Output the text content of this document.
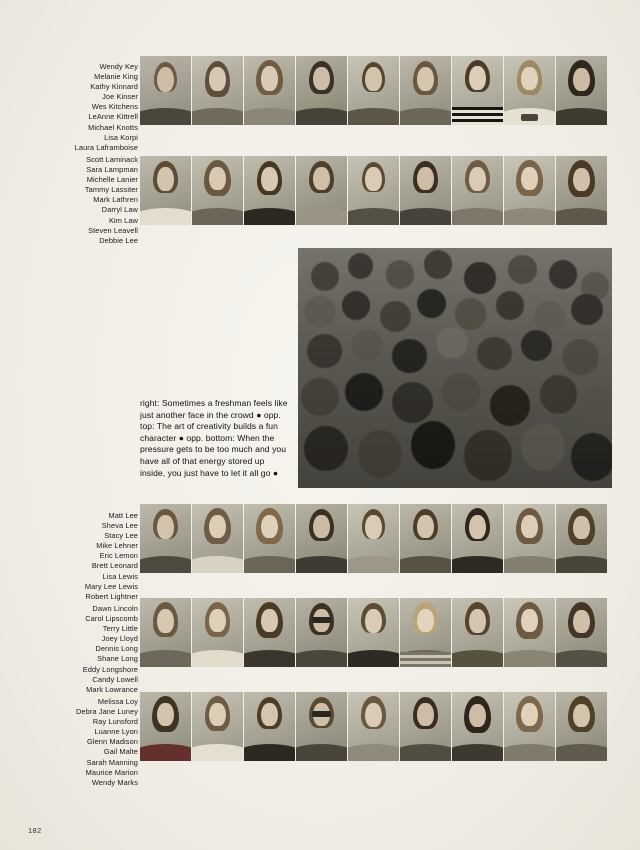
Wendy Key
Melanie King
Kathy Kinnard
Joe Kinser
Wes Kitchens
LeAnne Kittrell
Michael Knotts
Lisa Korpi
Laura Laframboise
Scott Laminack
Sara Lampman
Michelle Lanier
Tammy Lassiter
Mark Lathren
Darryl Law
Kim Law
Steven Leavell
Debbie Lee
Matt Lee
Sheva Lee
Stacy Lee
Mike Lehner
Eric Lemon
Brett Leonard
Lisa Lewis
Mary Lee Lewis
Robert Lightner
Dawn Lincoln
Carol Lipscomb
Terry Little
Joey Lloyd
Dennis Long
Shane Long
Eddy Longshore
Candy Lowell
Mark Lowrance
Melissa Loy
Debra Jane Luney
Ray Lunsford
Luanne Lyon
Glenn Madison
Gail Malte
Sarah Manning
Maurice Marion
Wendy Marks
right: Sometimes a freshman feels like just another face in the crowd ● opp. top: The art of creativity builds a fun character ● opp. bottom: When the pressure gets to be too much and you have all of that energy stored up inside, you just have to let it all go ●
182
